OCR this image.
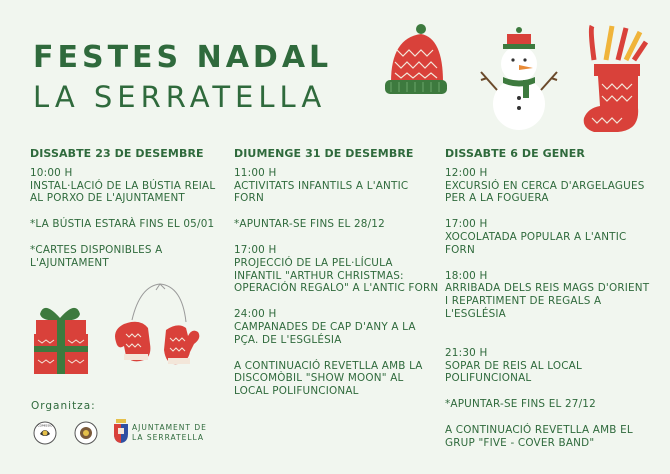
FESTES NADAL
LA SERRATELLA
DISSABTE 23 DE DESEMBRE
10:00 H
INSTAL·LACIÓ DE LA BÚSTIA REIAL AL PORXO DE L'AJUNTAMENT
*LA BÚSTIA ESTARÀ FINS EL 05/01
*CARTES DISPONIBLES A L'AJUNTAMENT
DIUMENGE 31 DE DESEMBRE
11:00 H
ACTIVITATS INFANTILS A L'ANTIC FORN
*APUNTAR-SE FINS EL 28/12
17:00 H
PROJECCIÓ DE LA PEL·LÍCULA INFANTIL "ARTHUR CHRISTMAS: OPERACIÓN REGALO" A L'ANTIC FORN
24:00 H
CAMPANADES DE CAP D'ANY A LA PÇA. DE L'ESGLÉSIA
A CONTINUACIÓ REVETLLA AMB LA DISCOMÒBIL "SHOW MOON" AL LOCAL POLIFUNCIONAL
DISSABTE 6 DE GENER
12:00 H
EXCURSIÓ EN CERCA D'ARGELAGUES PER A LA FOGUERA
17:00 H
XOCOLATADA POPULAR A L'ANTIC FORN
18:00 H
ARRIBADA DELS REIS MAGS D'ORIENT I REPARTIMENT DE REGALS A L'ESGLÉSIA
21:30 H
SOPAR DE REIS AL LOCAL POLIFUNCIONAL
*APUNTAR-SE FINS EL 27/12
A CONTINUACIÓ REVETLLA AMB EL GRUP "FIVE - COVER BAND"
Organitza:
COMISSIÓ	AJUNTAMENT DE
LA SERRATELLA
